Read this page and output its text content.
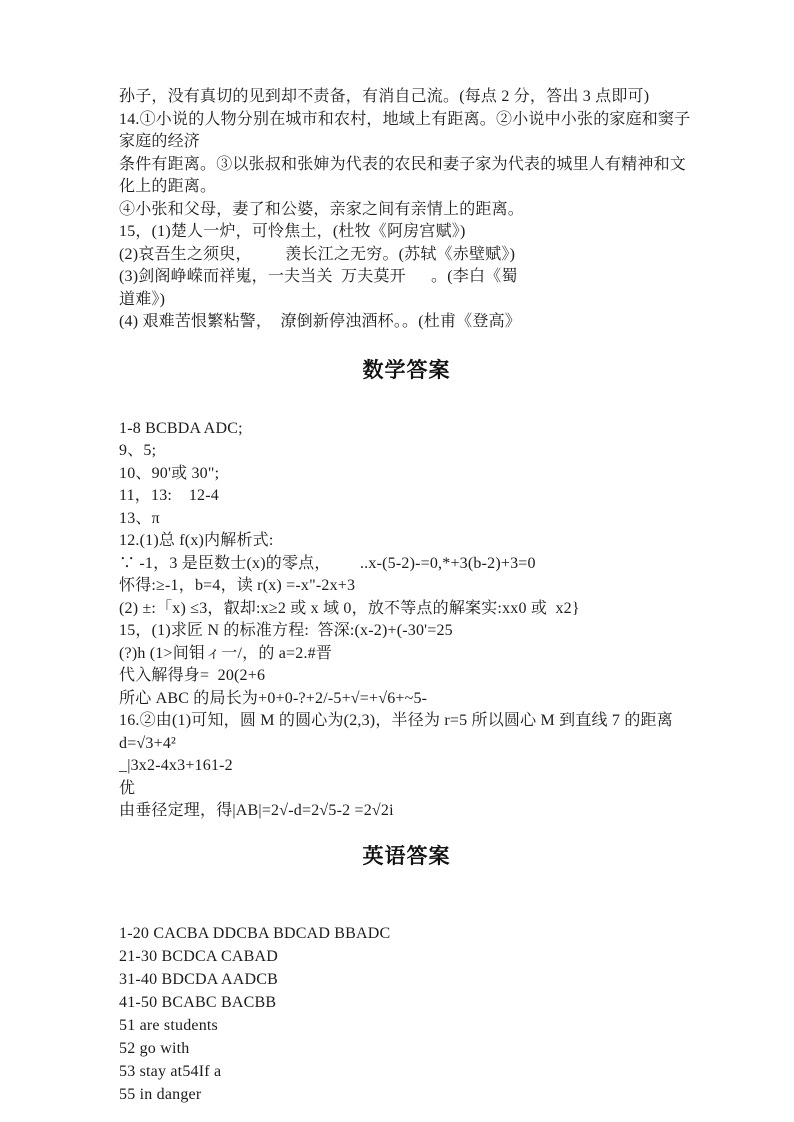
孙子，没有真切的见到却不责备，有消自己流。(每点 2 分，答出 3 点即可)
14.①小说的人物分别在城市和农村，地域上有距离。②小说中小张的家庭和窦子家庭的经济
条件有距离。③以张叔和张婶为代表的农民和妻子家为代表的城里人有精神和文化上的距离。
④小张和父母，妻了和公婆，亲家之间有亲情上的距离。
15，(1)楚人一炉，可怜焦土，(杜牧《阿房宫赋》)
(2)哀吾生之须臾，        羡长江之无穷。(苏轼《赤壁赋》)
(3)剑阁峥嵘而祥嵬，一夫当关  万夫莫开      。(李白《蜀
道难》)
(4) 艰难苦恨繁粘警，  潦倒新停浊酒杯。。(杜甫《登高》
数学答案
1-8 BCBDA ADC;
9、5;
10、90'或 30";
11，13:    12-4
13、π
12.(1)总 f(x)内解析式:
∵ -1，3 是臣数士(x)的零点，       ..x-(5-2)-=0,*+3(b-2)+3=0
怀得:≥-1，b=4，读 r(x) =-x"-2x+3
(2) ±:「x) ≤3，叡却:x≥2 或 x 域 0，放不等点的解案实:xx0 或  x2}
15，(1)求匠 N 的标准方程:  答深:(x-2)+(-30'=25
(?)h (1>间钼ィ一/，的 a=2.#晋
代入解得身=  20(2+6
所心 ABC 的局长为+0+0-?+2/-5+√=+√6+~5-
16.②由(1)可知，圆 M 的圆心为(2,3)，半径为 r=5 所以圆心 M 到直线 7 的距离 d=√3+4²
_|3x2-4x3+161-2
优
由垂径定理，得|AB|=2√-d=2√5-2 =2√2i
英语答案
1-20 CACBA DDCBA BDCAD BBADC
21-30 BCDCA CABAD
31-40 BDCDA AADCB
41-50 BCABC BACBB
51 are students
52 go with
53 stay at54If a
55 in danger
